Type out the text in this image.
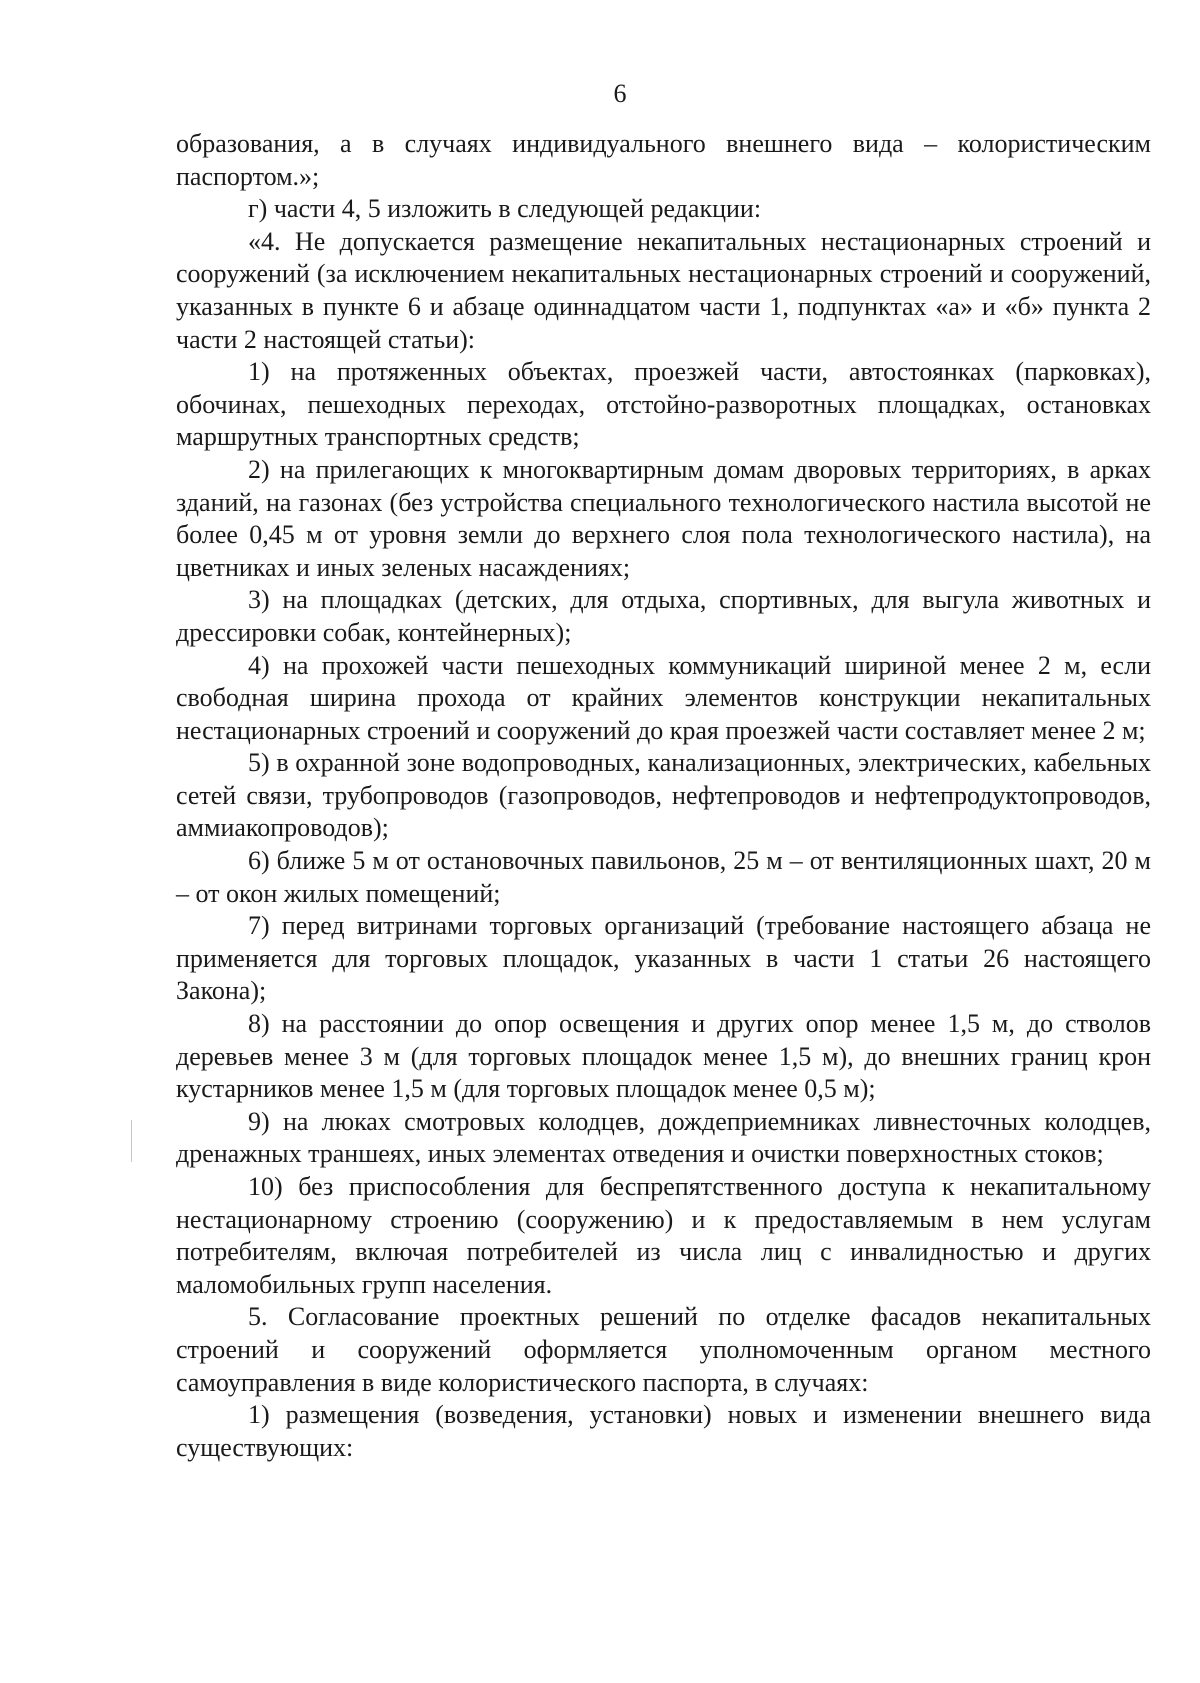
6

образования, а в случаях индивидуального внешнего вида – колористическим паспортом.»;

г) части 4, 5 изложить в следующей редакции:

«4. Не допускается размещение некапитальных нестационарных строений и сооружений (за исключением некапитальных нестационарных строений и сооружений, указанных в пункте 6 и абзаце одиннадцатом части 1, подпунктах «а» и «б» пункта 2 части 2 настоящей статьи):

1) на протяженных объектах, проезжей части, автостоянках (парковках), обочинах, пешеходных переходах, отстойно-разворотных площадках, остановках маршрутных транспортных средств;

2) на прилегающих к многоквартирным домам дворовых территориях, в арках зданий, на газонах (без устройства специального технологического настила высотой не более 0,45 м от уровня земли до верхнего слоя пола технологического настила), на цветниках и иных зеленых насаждениях;

3) на площадках (детских, для отдыха, спортивных, для выгула животных и дрессировки собак, контейнерных);

4) на прохожей части пешеходных коммуникаций шириной менее 2 м, если свободная ширина прохода от крайних элементов конструкции некапитальных нестационарных строений и сооружений до края проезжей части составляет менее 2 м;

5) в охранной зоне водопроводных, канализационных, электрических, кабельных сетей связи, трубопроводов (газопроводов, нефтепроводов и нефтепродуктопроводов, аммиакопроводов);

6) ближе 5 м от остановочных павильонов, 25 м – от вентиляционных шахт, 20 м – от окон жилых помещений;

7) перед витринами торговых организаций (требование настоящего абзаца не применяется для торговых площадок, указанных в части 1 статьи 26 настоящего Закона);

8) на расстоянии до опор освещения и других опор менее 1,5 м, до стволов деревьев менее 3 м (для торговых площадок менее 1,5 м), до внешних границ крон кустарников менее 1,5 м (для торговых площадок менее 0,5 м);

9) на люках смотровых колодцев, дождеприемниках ливнесточных колодцев, дренажных траншеях, иных элементах отведения и очистки поверхностных стоков;

10) без приспособления для беспрепятственного доступа к некапитальному нестационарному строению (сооружению) и к предоставляемым в нем услугам потребителям, включая потребителей из числа лиц с инвалидностью и других маломобильных групп населения.

5. Согласование проектных решений по отделке фасадов некапитальных строений и сооружений оформляется уполномоченным органом местного самоуправления в виде колористического паспорта, в случаях:

1) размещения (возведения, установки) новых и изменении внешнего вида существующих:
